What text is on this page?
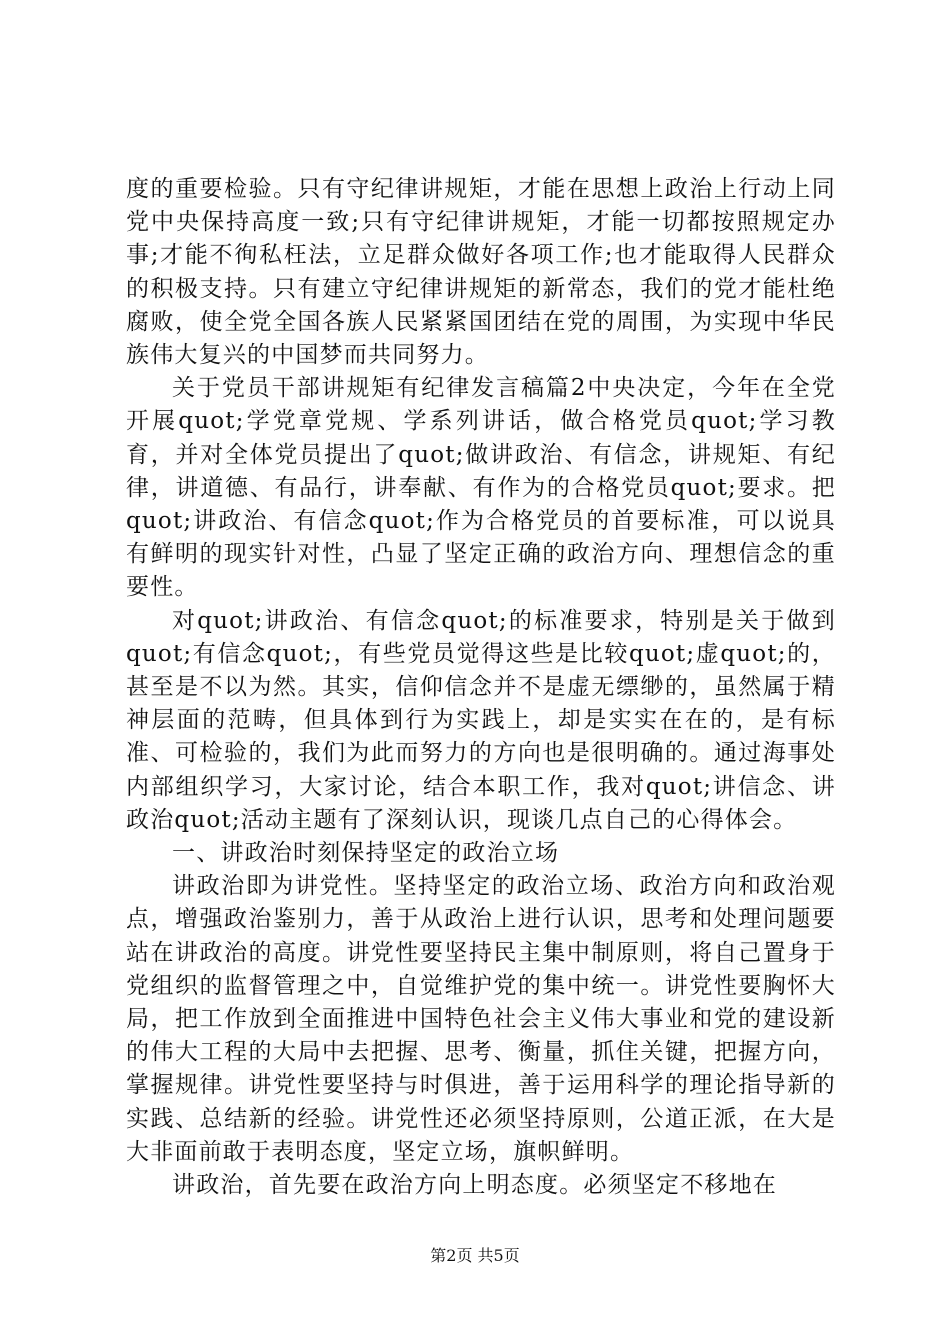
度的重要检验。只有守纪律讲规矩，才能在思想上政治上行动上同党中央保持高度一致;只有守纪律讲规矩，才能一切都按照规定办事;才能不徇私枉法，立足群众做好各项工作;也才能取得人民群众的积极支持。只有建立守纪律讲规矩的新常态，我们的党才能杜绝腐败，使全党全国各族人民紧紧国团结在党的周围，为实现中华民族伟大复兴的中国梦而共同努力。

关于党员干部讲规矩有纪律发言稿篇2中央决定，今年在全党开展quot;学党章党规、学系列讲话，做合格党员quot;学习教育，并对全体党员提出了quot;做讲政治、有信念，讲规矩、有纪律，讲道德、有品行，讲奉献、有作为的合格党员quot;要求。把quot;讲政治、有信念quot;作为合格党员的首要标准，可以说具有鲜明的现实针对性，凸显了坚定正确的政治方向、理想信念的重要性。

对quot;讲政治、有信念quot;的标准要求，特别是关于做到quot;有信念quot;，有些党员觉得这些是比较quot;虚quot;的，甚至是不以为然。其实，信仰信念并不是虚无缥缈的，虽然属于精神层面的范畴，但具体到行为实践上，却是实实在在的，是有标准、可检验的，我们为此而努力的方向也是很明确的。通过海事处内部组织学习，大家讨论，结合本职工作，我对quot;讲信念、讲政治quot;活动主题有了深刻认识，现谈几点自己的心得体会。

一、讲政治时刻保持坚定的政治立场

讲政治即为讲党性。坚持坚定的政治立场、政治方向和政治观点，增强政治鉴别力，善于从政治上进行认识，思考和处理问题要站在讲政治的高度。讲党性要坚持民主集中制原则，将自己置身于党组织的监督管理之中，自觉维护党的集中统一。讲党性要胸怀大局，把工作放到全面推进中国特色社会主义伟大事业和党的建设新的伟大工程的大局中去把握、思考、衡量，抓住关键，把握方向，掌握规律。讲党性要坚持与时俱进，善于运用科学的理论指导新的实践、总结新的经验。讲党性还必须坚持原则，公道正派，在大是大非面前敢于表明态度，坚定立场，旗帜鲜明。

讲政治，首先要在政治方向上明态度。必须坚定不移地在

第2页 共5页
